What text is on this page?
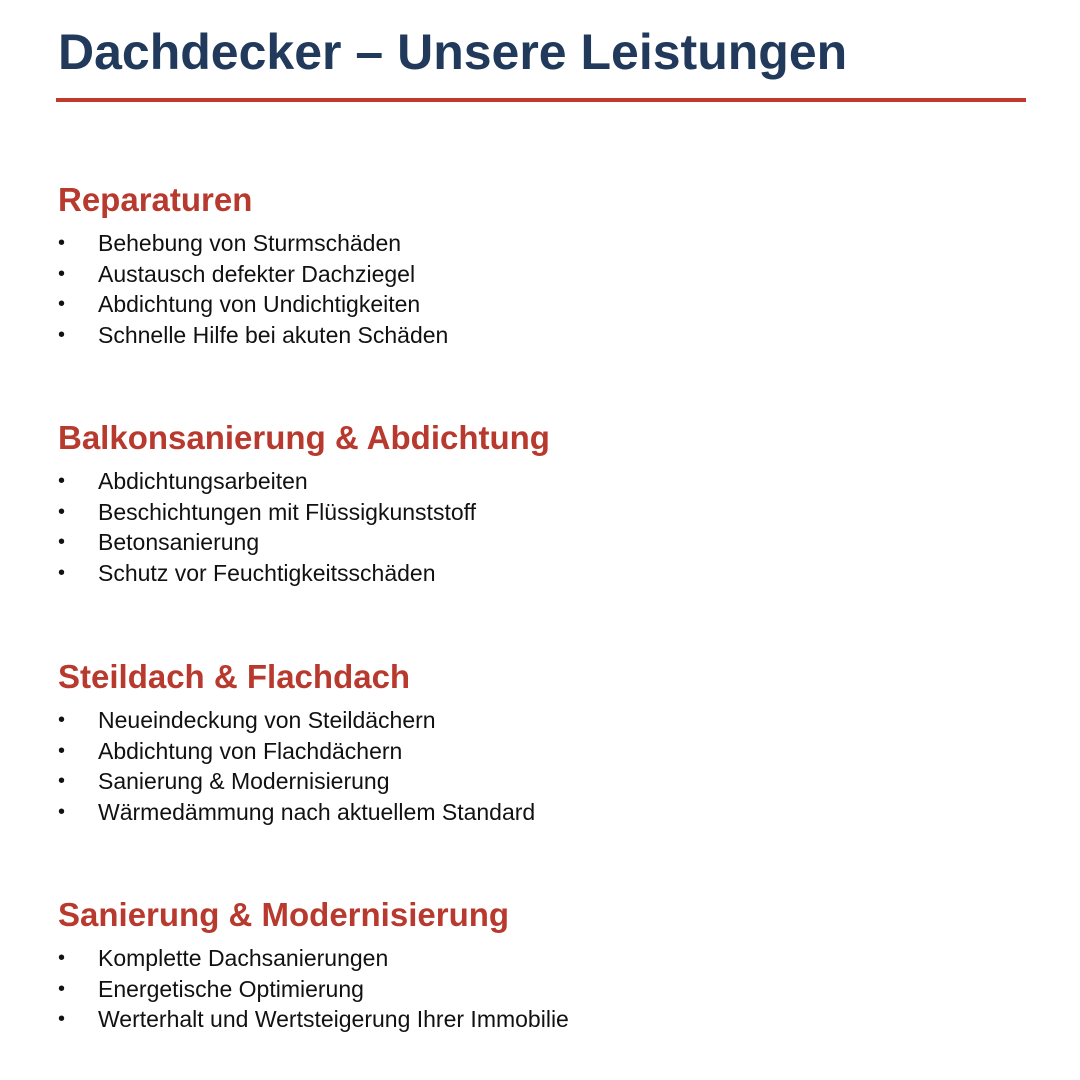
Dachdecker – Unsere Leistungen
Reparaturen
• Behebung von Sturmschäden
• Austausch defekter Dachziegel
• Abdichtung von Undichtigkeiten
• Schnelle Hilfe bei akuten Schäden
Balkonsanierung & Abdichtung
• Abdichtungsarbeiten
• Beschichtungen mit Flüssigkunststoff
• Betonsanierung
• Schutz vor Feuchtigkeitsschäden
Steildach & Flachdach
• Neueindeckung von Steildächern
• Abdichtung von Flachdächern
• Sanierung & Modernisierung
• Wärmedämmung nach aktuellem Standard
Sanierung & Modernisierung
• Komplette Dachsanierungen
• Energetische Optimierung
• Werterhalt und Wertsteigerung Ihrer Immobilie
